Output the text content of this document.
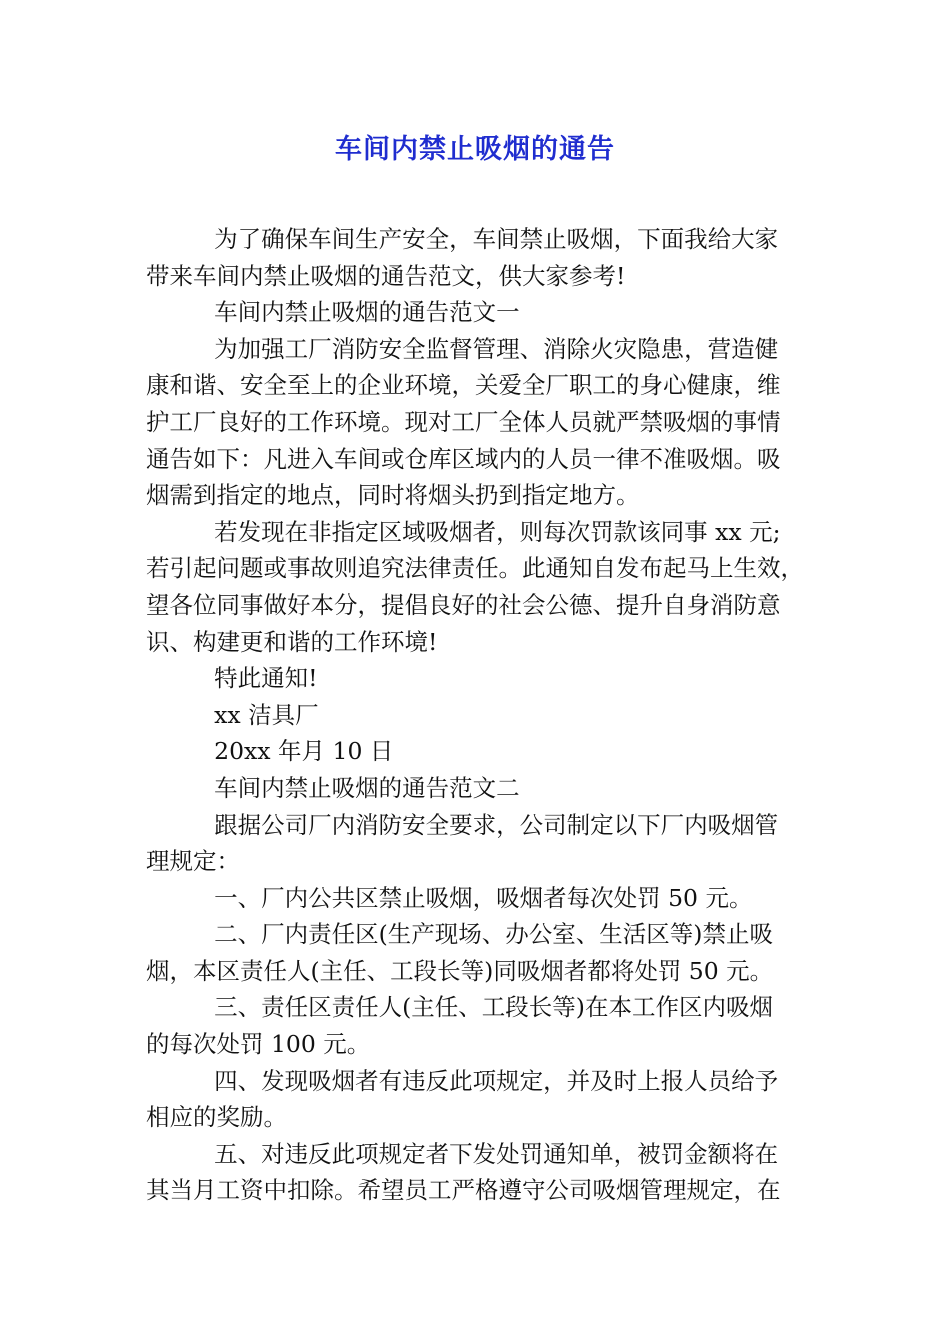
车间内禁止吸烟的通告

为了确保车间生产安全，车间禁止吸烟，下面我给大家
带来车间内禁止吸烟的通告范文，供大家参考!

车间内禁止吸烟的通告范文一

为加强工厂消防安全监督管理、消除火灾隐患，营造健
康和谐、安全至上的企业环境，关爱全厂职工的身心健康，维
护工厂良好的工作环境。现对工厂全体人员就严禁吸烟的事情
通告如下：凡进入车间或仓库区域内的人员一律不准吸烟。吸
烟需到指定的地点，同时将烟头扔到指定地方。

若发现在非指定区域吸烟者，则每次罚款该同事 xx 元;
若引起问题或事故则追究法律责任。此通知自发布起马上生效，
望各位同事做好本分，提倡良好的社会公德、提升自身消防意
识、构建更和谐的工作环境!

特此通知!

xx 洁具厂

20xx 年月 10 日

车间内禁止吸烟的通告范文二

跟据公司厂内消防安全要求，公司制定以下厂内吸烟管
理规定：

一、厂内公共区禁止吸烟，吸烟者每次处罚 50 元。

二、厂内责任区(生产现场、办公室、生活区等)禁止吸
烟，本区责任人(主任、工段长等)同吸烟者都将处罚 50 元。

三、责任区责任人(主任、工段长等)在本工作区内吸烟
的每次处罚 100 元。

四、发现吸烟者有违反此项规定，并及时上报人员给予
相应的奖励。

五、对违反此项规定者下发处罚通知单，被罚金额将在
其当月工资中扣除。希望员工严格遵守公司吸烟管理规定，在
